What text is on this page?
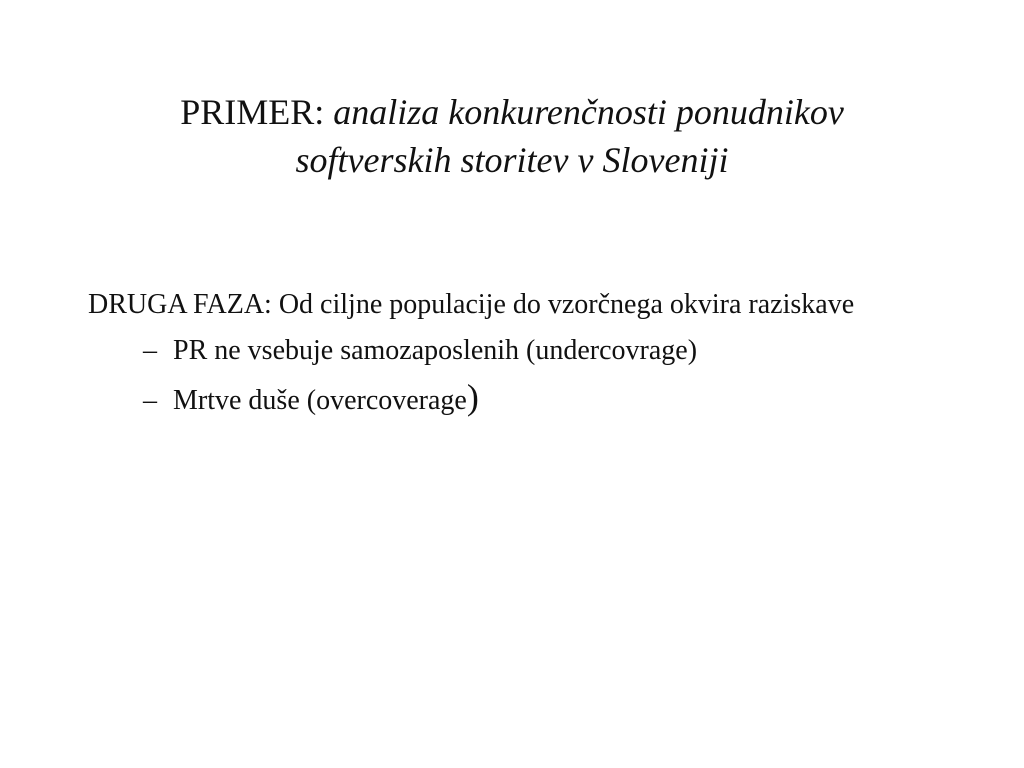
PRIMER: analiza konkurenčnosti ponudnikov
softverskih storitev v Sloveniji

DRUGA FAZA: Od ciljne populacije do vzorčnega okvira raziskave

– PR ne vsebuje samozaposlenih (undercovrage)
– Mrtve duše (overcoverage)
